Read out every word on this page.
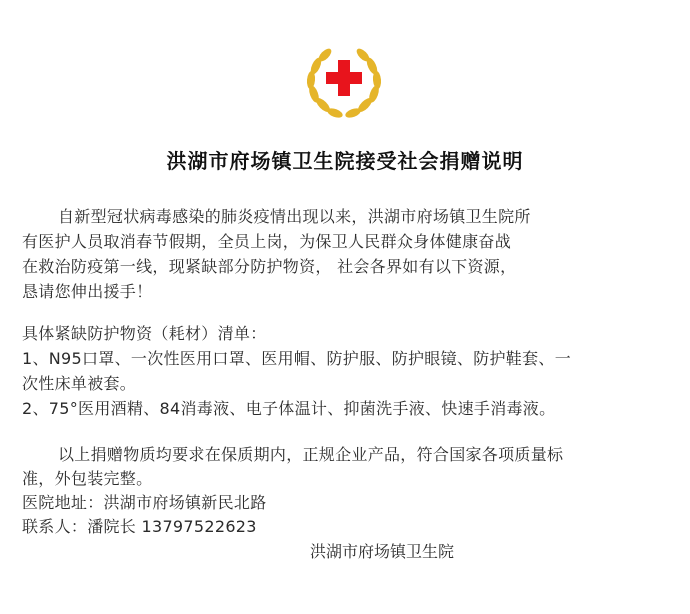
洪湖市府场镇卫生院接受社会捐赠说明
自新型冠状病毒感染的肺炎疫情出现以来，洪湖市府场镇卫生院所
有医护人员取消春节假期，全员上岗，为保卫人民群众身体健康奋战
在救治防疫第一线，现紧缺部分防护物资， 社会各界如有以下资源，
恳请您伸出援手！
具体紧缺防护物资（耗材）清单：
1、N95口罩、一次性医用口罩、医用帽、防护服、防护眼镜、防护鞋套、一
次性床单被套。
2、75°医用酒精、84消毒液、电子体温计、抑菌洗手液、快速手消毒液。
以上捐赠物质均要求在保质期内，正规企业产品，符合国家各项质量标
准，外包装完整。
医院地址：洪湖市府场镇新民北路
联系人：潘院长 13797522623
洪湖市府场镇卫生院
